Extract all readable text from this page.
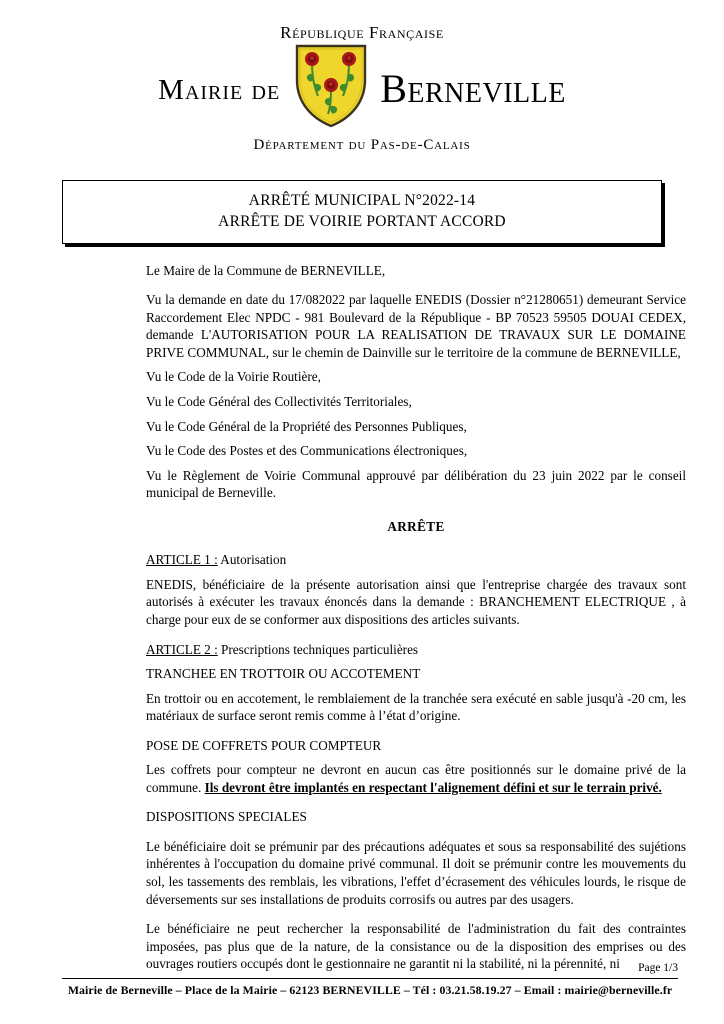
République Française
Mairie de	Berneville
Département du Pas-de-Calais
ARRÊTÉ MUNICIPAL N°2022-14
ARRÊTE DE VOIRIE PORTANT ACCORD

Le Maire de la Commune de BERNEVILLE,

Vu la demande en date du 17/082022 par laquelle ENEDIS (Dossier n°21280651) demeurant Service Raccordement Elec NPDC - 981 Boulevard de la République - BP 70523 59505 DOUAI CEDEX, demande L'AUTORISATION POUR LA REALISATION DE TRAVAUX SUR LE DOMAINE PRIVE COMMUNAL, sur le chemin de Dainville sur le territoire de la commune de BERNEVILLE,

Vu le Code de la Voirie Routière,

Vu le Code Général des Collectivités Territoriales,

Vu le Code Général de la Propriété des Personnes Publiques,

Vu le Code des Postes et des Communications électroniques,

Vu le Règlement de Voirie Communal approuvé par délibération du 23 juin 2022 par le conseil municipal de Berneville.

ARRÊTE

ARTICLE 1 : Autorisation

ENEDIS, bénéficiaire de la présente autorisation ainsi que l'entreprise chargée des travaux sont autorisés à exécuter les travaux énoncés dans la demande : BRANCHEMENT ELECTRIQUE , à charge pour eux de se conformer aux dispositions des articles suivants.

ARTICLE 2 : Prescriptions techniques particulières

TRANCHEE EN TROTTOIR OU ACCOTEMENT

En trottoir ou en accotement, le remblaiement de la tranchée sera exécuté en sable jusqu'à -20 cm, les matériaux de surface seront remis comme à l’état d’origine.

POSE DE COFFRETS POUR COMPTEUR

Les coffrets pour compteur ne devront en aucun cas être positionnés sur le domaine privé de la commune. Ils devront être implantés en respectant l'alignement défini et sur le terrain privé.

DISPOSITIONS SPECIALES

Le bénéficiaire doit se prémunir par des précautions adéquates et sous sa responsabilité des sujétions inhérentes à l'occupation du domaine privé communal. Il doit se prémunir contre les mouvements du sol, les tassements des remblais, les vibrations, l'effet d’écrasement des véhicules lourds, le risque de déversements sur ses installations de produits corrosifs ou autres par des usagers.

Le bénéficiaire ne peut rechercher la responsabilité de l'administration du fait des contraintes imposées, pas plus que de la nature, de la consistance ou de la disposition des emprises ou des ouvrages routiers occupés dont le gestionnaire ne garantit ni la stabilité, ni la pérennité, ni	Page 1/3
Mairie de Berneville – Place de la Mairie – 62123 BERNEVILLE – Tél : 03.21.58.19.27 – Email : mairie@berneville.fr
